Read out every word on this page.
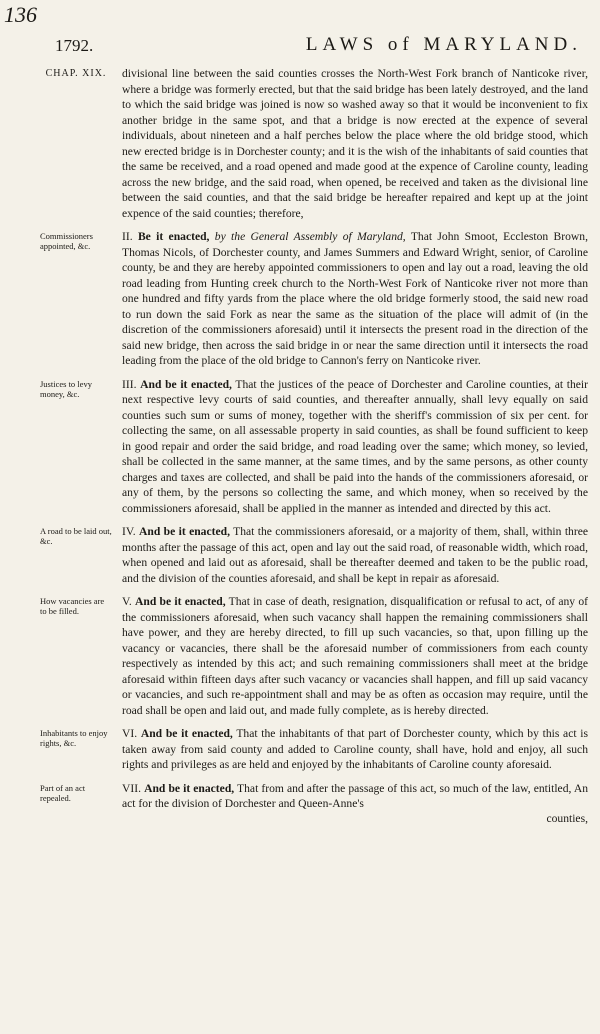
136
1792.	LAWS of MARYLAND.
CHAP. XIX.	divisional line between the said counties crosses the North-West Fork branch of Nanticoke river, where a bridge was formerly erected, but that the said bridge has been lately destroyed, and the land to which the said bridge was joined is now so washed away so that it would be inconvenient to fix another bridge in the same spot, and that a bridge is now erected at the expence of several individuals, about nineteen and a half perches below the place where the old bridge stood, which new erected bridge is in Dorchester county; and it is the wish of the inhabitants of said counties that the same be received, and a road opened and made good at the expence of Caroline county, leading across the new bridge, and the said road, when opened, be received and taken as the divisional line between the said counties, and that the said bridge be hereafter repaired and kept up at the joint expence of the said counties; therefore,
Commissioners appointed, &c.
II. Be it enacted, by the General Assembly of Maryland, That John Smoot, Eccleston Brown, Thomas Nicols, of Dorchester county, and James Summers and Edward Wright, senior, of Caroline county, be and they are hereby appointed commissioners to open and lay out a road, leaving the old road leading from Hunting creek church to the North-West Fork of Nanticoke river not more than one hundred and fifty yards from the place where the old bridge formerly stood, the said new road to run down the said Fork as near the same as the situation of the place will admit of (in the discretion of the commissioners aforesaid) until it intersects the present road in the direction of the said new bridge, then across the said bridge in or near the same direction until it intersects the road leading from the place of the old bridge to Cannon's ferry on Nanticoke river.
Justices to levy money, &c.
III. And be it enacted, That the justices of the peace of Dorchester and Caroline counties, at their next respective levy courts of said counties, and thereafter annually, shall levy equally on said counties such sum or sums of money, together with the sheriff's commission of six per cent. for collecting the same, on all assessable property in said counties, as shall be found sufficient to keep in good repair and order the said bridge, and road leading over the same; which money, so levied, shall be collected in the same manner, at the same times, and by the same persons, as other county charges and taxes are collected, and shall be paid into the hands of the commissioners aforesaid, or any of them, by the persons so collecting the same, and which money, when so received by the commissioners aforesaid, shall be applied in the manner as intended and directed by this act.
A road to be laid out, &c.
IV. And be it enacted, That the commissioners aforesaid, or a majority of them, shall, within three months after the passage of this act, open and lay out the said road, of reasonable width, which road, when opened and laid out as aforesaid, shall be thereafter deemed and taken to be the public road, and the division of the counties aforesaid, and shall be kept in repair as aforesaid.
How vacancies are to be filled.
V. And be it enacted, That in case of death, resignation, disqualification or refusal to act, of any of the commissioners aforesaid, when such vacancy shall happen the remaining commissioners shall have power, and they are hereby directed, to fill up such vacancies, so that, upon filling up the vacancy or vacancies, there shall be the aforesaid number of commissioners from each county respectively as intended by this act; and such remaining commissioners shall meet at the bridge aforesaid within fifteen days after such vacancy or vacancies shall happen, and fill up said vacancy or vacancies, and such re-appointment shall and may be as often as occasion may require, until the road shall be open and laid out, and made fully complete, as is hereby directed.
Inhabitants to enjoy rights, &c.
VI. And be it enacted, That the inhabitants of that part of Dorchester county, which by this act is taken away from said county and added to Caroline county, shall have, hold and enjoy, all such rights and privileges as are held and enjoyed by the inhabitants of Caroline county aforesaid.
Part of an act repealed.
VII. And be it enacted, That from and after the passage of this act, so much of the law, entitled, An act for the division of Dorchester and Queen-Anne's
counties,
